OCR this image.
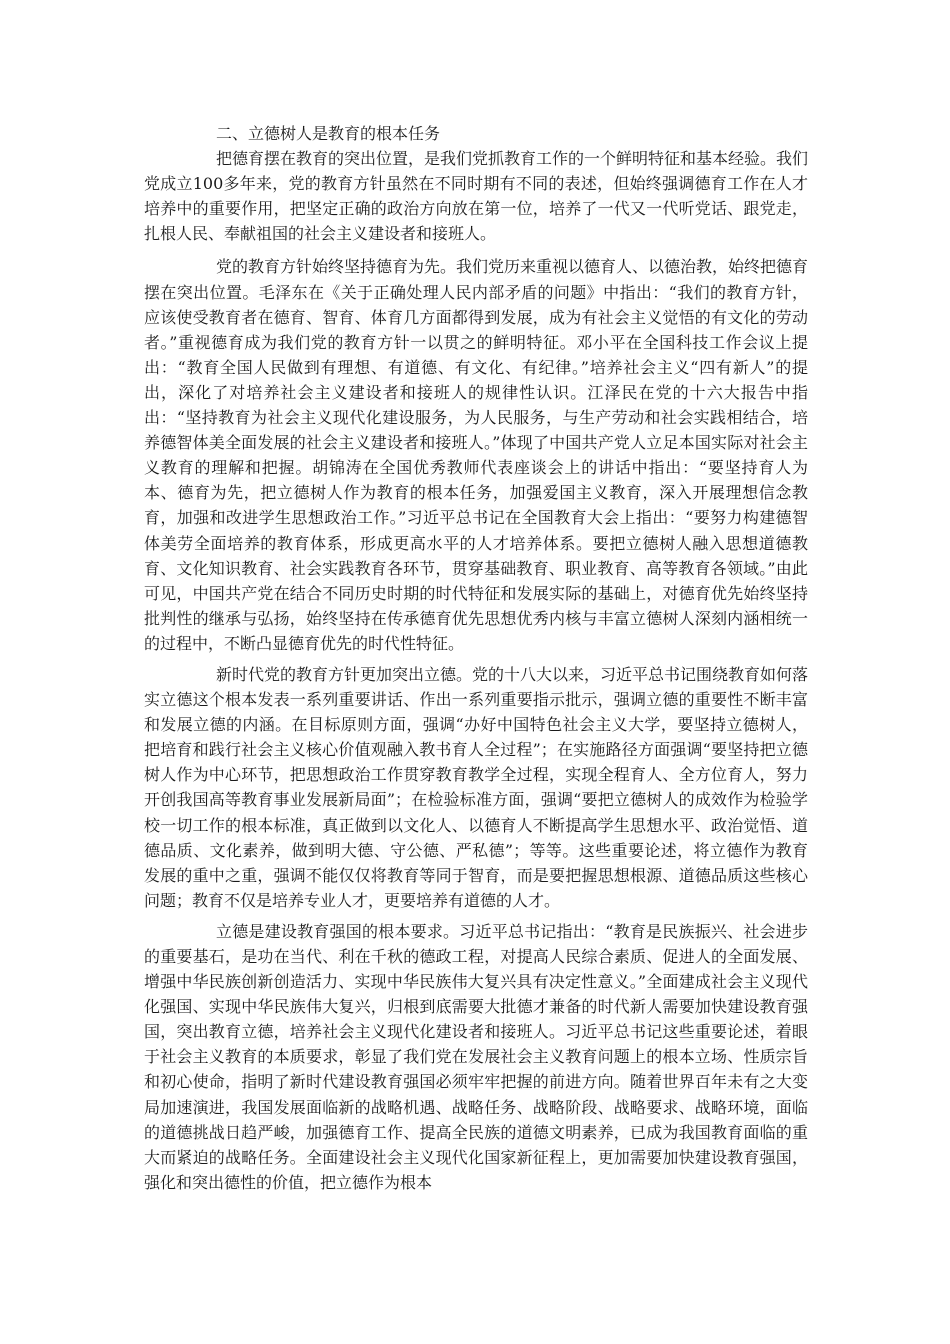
二、立德树人是教育的根本任务

把德育摆在教育的突出位置，是我们党抓教育工作的一个鲜明特征和基本经验。我们党成立100多年来，党的教育方针虽然在不同时期有不同的表述，但始终强调德育工作在人才培养中的重要作用，把坚定正确的政治方向放在第一位，培养了一代又一代听党话、跟党走，扎根人民、奉献祖国的社会主义建设者和接班人。

党的教育方针始终坚持德育为先。我们党历来重视以德育人、以德治教，始终把德育摆在突出位置。毛泽东在《关于正确处理人民内部矛盾的问题》中指出：“我们的教育方针，应该使受教育者在德育、智育、体育几方面都得到发展，成为有社会主义觉悟的有文化的劳动者。”重视德育成为我们党的教育方针一以贯之的鲜明特征。邓小平在全国科技工作会议上提出：“教育全国人民做到有理想、有道德、有文化、有纪律。”培养社会主义“四有新人”的提出，深化了对培养社会主义建设者和接班人的规律性认识。江泽民在党的十六大报告中指出：“坚持教育为社会主义现代化建设服务，为人民服务，与生产劳动和社会实践相结合，培养德智体美全面发展的社会主义建设者和接班人。”体现了中国共产党人立足本国实际对社会主义教育的理解和把握。胡锦涛在全国优秀教师代表座谈会上的讲话中指出：“要坚持育人为本、德育为先，把立德树人作为教育的根本任务，加强爱国主义教育，深入开展理想信念教育，加强和改进学生思想政治工作。”习近平总书记在全国教育大会上指出：“要努力构建德智体美劳全面培养的教育体系，形成更高水平的人才培养体系。要把立德树人融入思想道德教育、文化知识教育、社会实践教育各环节，贯穿基础教育、职业教育、高等教育各领域。”由此可见，中国共产党在结合不同历史时期的时代特征和发展实际的基础上，对德育优先始终坚持批判性的继承与弘扬，始终坚持在传承德育优先思想优秀内核与丰富立德树人深刻内涵相统一的过程中，不断凸显德育优先的时代性特征。

新时代党的教育方针更加突出立德。党的十八大以来，习近平总书记围绕教育如何落实立德这个根本发表一系列重要讲话、作出一系列重要指示批示，强调立德的重要性不断丰富和发展立德的内涵。在目标原则方面，强调“办好中国特色社会主义大学，要坚持立德树人，把培育和践行社会主义核心价值观融入教书育人全过程”；在实施路径方面强调“要坚持把立德树人作为中心环节，把思想政治工作贯穿教育教学全过程，实现全程育人、全方位育人，努力开创我国高等教育事业发展新局面”；在检验标准方面，强调“要把立德树人的成效作为检验学校一切工作的根本标准，真正做到以文化人、以德育人不断提高学生思想水平、政治觉悟、道德品质、文化素养，做到明大德、守公德、严私德”；等等。这些重要论述，将立德作为教育发展的重中之重，强调不能仅仅将教育等同于智育，而是要把握思想根源、道德品质这些核心问题；教育不仅是培养专业人才，更要培养有道德的人才。

立德是建设教育强国的根本要求。习近平总书记指出：“教育是民族振兴、社会进步的重要基石，是功在当代、利在千秋的德政工程，对提高人民综合素质、促进人的全面发展、增强中华民族创新创造活力、实现中华民族伟大复兴具有决定性意义。”全面建成社会主义现代化强国、实现中华民族伟大复兴，归根到底需要大批德才兼备的时代新人需要加快建设教育强国，突出教育立德，培养社会主义现代化建设者和接班人。习近平总书记这些重要论述，着眼于社会主义教育的本质要求，彰显了我们党在发展社会主义教育问题上的根本立场、性质宗旨和初心使命，指明了新时代建设教育强国必须牢牢把握的前进方向。随着世界百年未有之大变局加速演进，我国发展面临新的战略机遇、战略任务、战略阶段、战略要求、战略环境，面临的道德挑战日趋严峻，加强德育工作、提高全民族的道德文明素养，已成为我国教育面临的重大而紧迫的战略任务。全面建设社会主义现代化国家新征程上，更加需要加快建设教育强国，强化和突出德性的价值，把立德作为根本
